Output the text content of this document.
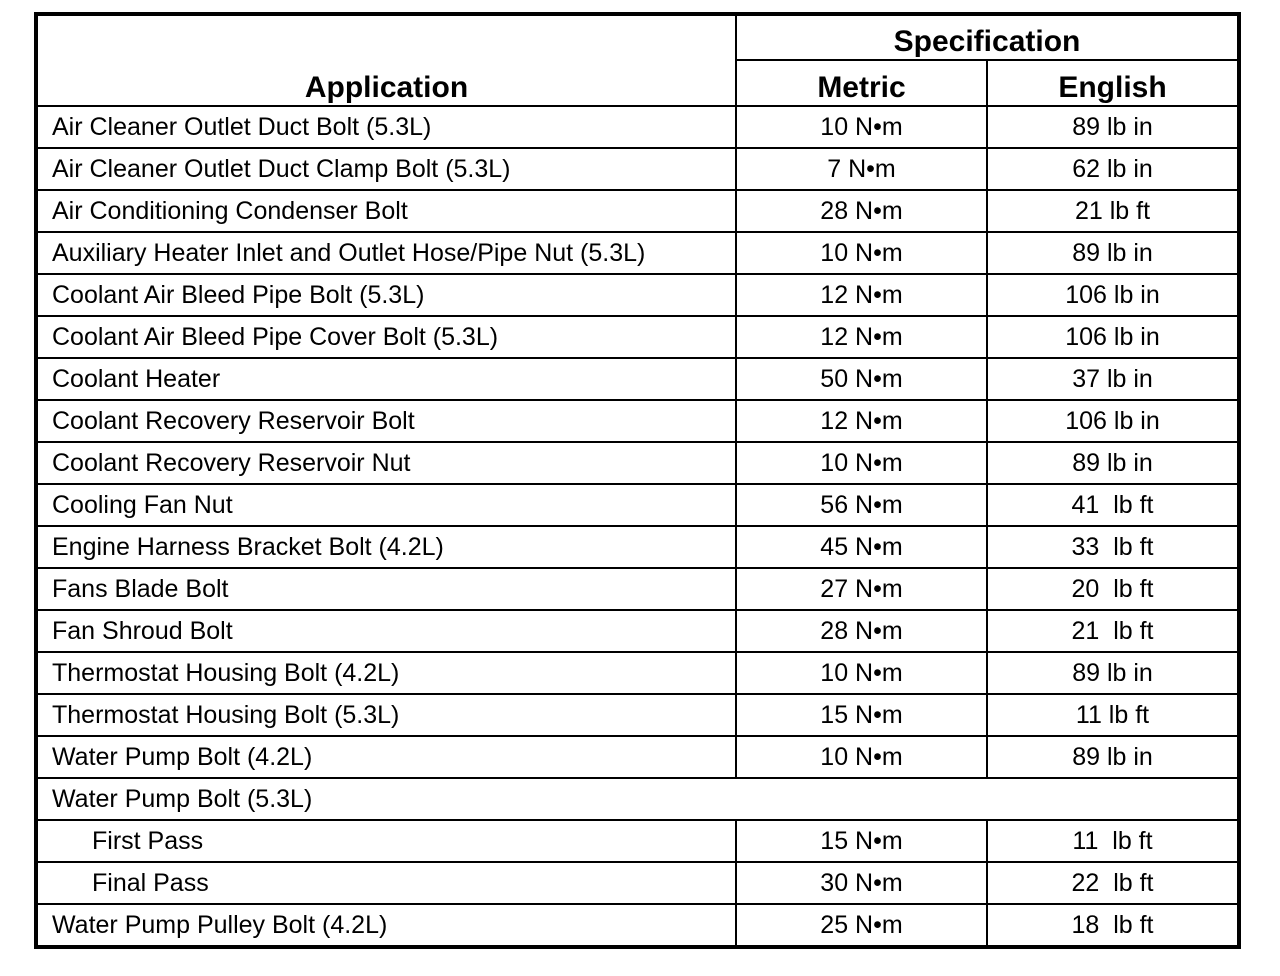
Application	Specification	
	Metric	English
Air Cleaner Outlet Duct Bolt (5.3L)	10 N•m	89 lb in
Air Cleaner Outlet Duct Clamp Bolt (5.3L)	7 N•m	62 lb in
Air Conditioning Condenser Bolt	28 N•m	21 lb ft
Auxiliary Heater Inlet and Outlet Hose/Pipe Nut (5.3L)	10 N•m	89 lb in
Coolant Air Bleed Pipe Bolt (5.3L)	12 N•m	106 lb in
Coolant Air Bleed Pipe Cover Bolt (5.3L)	12 N•m	106 lb in
Coolant Heater	50 N•m	37 lb in
Coolant Recovery Reservoir Bolt	12 N•m	106 lb in
Coolant Recovery Reservoir Nut	10 N•m	89 lb in
Cooling Fan Nut	56 N•m	41  lb ft
Engine Harness Bracket Bolt (4.2L)	45 N•m	33  lb ft
Fans Blade Bolt	27 N•m	20  lb ft
Fan Shroud Bolt	28 N•m	21  lb ft
Thermostat Housing Bolt (4.2L)	10 N•m	89 lb in
Thermostat Housing Bolt (5.3L)	15 N•m	11 lb ft
Water Pump Bolt (4.2L)	10 N•m	89 lb in
Water Pump Bolt (5.3L)		
First Pass	15 N•m	11  lb ft
Final Pass	30 N•m	22  lb ft
Water Pump Pulley Bolt (4.2L)	25 N•m	18  lb ft
